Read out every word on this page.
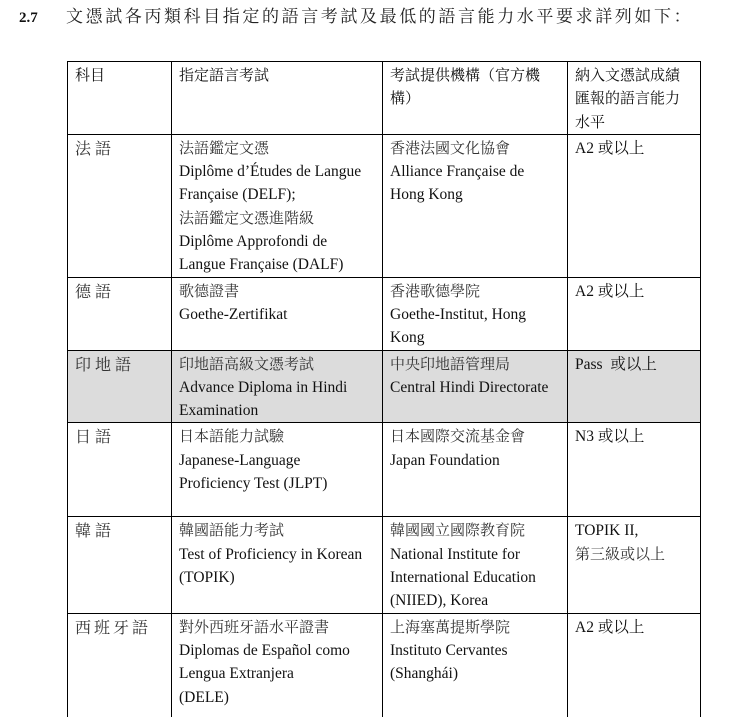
2.7 文憑試各丙類科目指定的語言考試及最低的語言能力水平要求詳列如下：
科目	指定語言考試	考試提供機構（官方機構）	納入文憑試成績匯報的語言能力水平

法語	法語鑑定文憑
Diplôme d’Études de Langue Française (DELF);
法語鑑定文憑進階級
Diplôme Approfondi de Langue Française (DALF)	香港法國文化協會
Alliance Française de Hong Kong	A2 或以上

德語	歌德證書
Goethe-Zertifikat	香港歌德學院
Goethe-Institut, Hong Kong	A2 或以上

印地語	印地語高級文憑考試
Advance Diploma in Hindi Examination	中央印地語管理局
Central Hindi Directorate	Pass  或以上

日語	日本語能力試驗
Japanese-Language Proficiency Test (JLPT)	日本國際交流基金會
Japan Foundation	N3 或以上

韓語	韓國語能力考試
Test of Proficiency in Korean
(TOPIK)	韓國國立國際教育院
National Institute for International Education (NIIED), Korea	TOPIK II,
第三級或以上

西班牙語	對外西班牙語水平證書
Diplomas de Español como Lengua Extranjera
(DELE)	上海塞萬提斯學院
Instituto Cervantes (Shanghái)	A2 或以上
